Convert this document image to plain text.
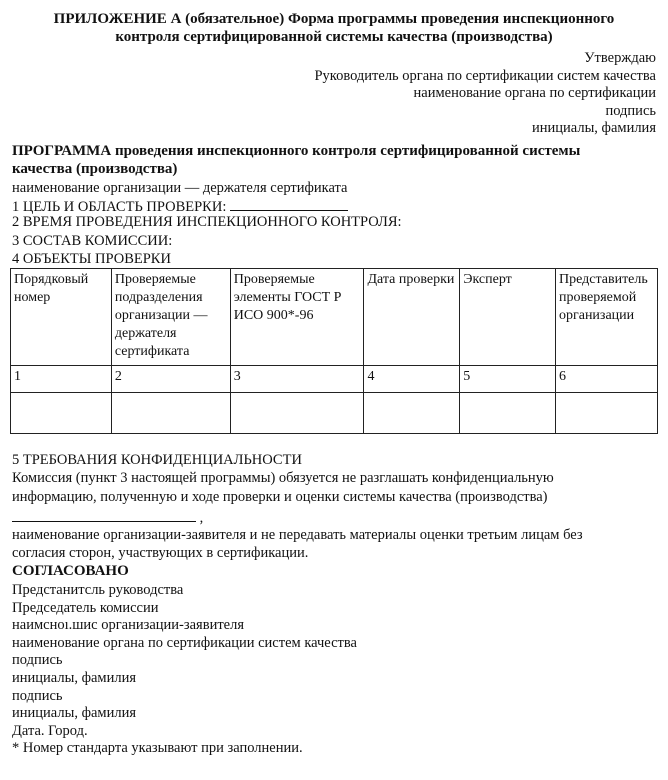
ПРИЛОЖЕНИЕ А (обязательное) Форма программы проведения инспекционного
контроля сертифицированной системы качества (производства)
Утверждаю
Руководитель органа по сертификации систем качества
наименование органа по сертификации
подпись
инициалы, фамилия
ПРОГРАММА проведения инспекционного контроля сертифицированной системы
качества (производства)
наименование организации — держателя сертификата
1 ЦЕЛЬ И ОБЛАСТЬ ПРОВЕРКИ:
2 ВРЕМЯ ПРОВЕДЕНИЯ ИНСПЕКЦИОННОГО КОНТРОЛЯ:
3 СОСТАВ КОМИССИИ:
4 ОБЪЕКТЫ ПРОВЕРКИ
Порядковый номер	Проверяемые подразделения организации — держателя сертификата	Проверяемые элементы ГОСТ Р ИСО 900*-96	Дата проверки	Эксперт	Представитель проверяемой организации
1	2	3	4	5	6

5 ТРЕБОВАНИЯ КОНФИДЕНЦИАЛЬНОСТИ
Комиссия (пункт 3 настоящей программы) обязуется не разглашать конфиденциальную
информацию, полученную и ходе проверки и оценки системы качества (производства)
,
наименование организации-заявителя и не передавать материалы оценки третьим лицам без
согласия сторон, участвующих в сертификации.
СОГЛАСОВАНО
Предстанитсль руководства
Председатель комиссии
наимсноı.шис организации-заявителя
наименование органа по сертификации систем качества
подпись
инициалы, фамилия
подпись
инициалы, фамилия
Дата. Город.
* Номер стандарта указывают при заполнении.
